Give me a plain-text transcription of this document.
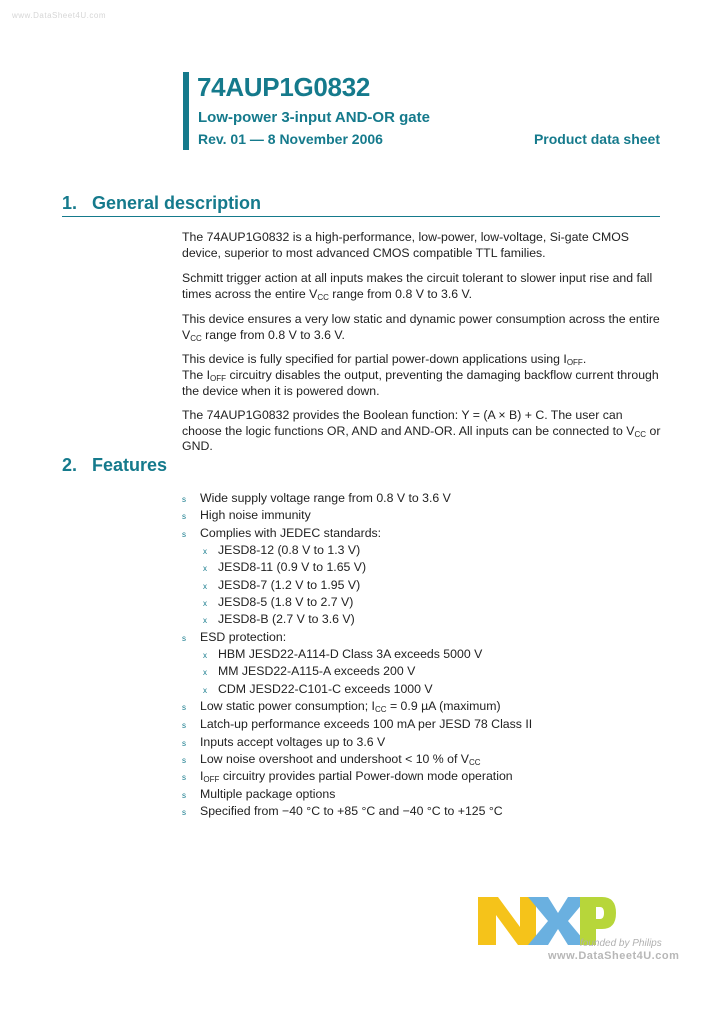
www.DataSheet4U.com
74AUP1G0832
Low-power 3-input AND-OR gate
Rev. 01 — 8 November 2006	Product data sheet
1. General description

The 74AUP1G0832 is a high-performance, low-power, low-voltage, Si-gate CMOS device, superior to most advanced CMOS compatible TTL families.

Schmitt trigger action at all inputs makes the circuit tolerant to slower input rise and fall times across the entire $V_{CC}$ range from 0.8 V to 3.6 V.

This device ensures a very low static and dynamic power consumption across the entire $V_{CC}$ range from 0.8 V to 3.6 V.

This device is fully specified for partial power-down applications using $I_{OFF}$.

The $I_{OFF}$ circuitry disables the output, preventing the damaging backflow current through the device when it is powered down.

The 74AUP1G0832 provides the Boolean function: Y = (A × B) + C. The user can choose the logic functions OR, AND and AND-OR. All inputs can be connected to $V_{CC}$ or GND.

2. Features
s Wide supply voltage range from 0.8 V to 3.6 V
s High noise immunity
s Complies with JEDEC standards:
x JESD8-12 (0.8 V to 1.3 V)
x JESD8-11 (0.9 V to 1.65 V)
x JESD8-7 (1.2 V to 1.95 V)
x JESD8-5 (1.8 V to 2.7 V)
x JESD8-B (2.7 V to 3.6 V)
s ESD protection:
x HBM JESD22-A114-D Class 3A exceeds 5000 V
x MM JESD22-A115-A exceeds 200 V
x CDM JESD22-C101-C exceeds 1000 V
s Low static power consumption; $I_{CC} = 0.9$ µA (maximum)
s Latch-up performance exceeds 100 mA per JESD 78 Class II
s Inputs accept voltages up to 3.6 V
s Low noise overshoot and undershoot < 10 % of $V_{CC}$
s $I_{OFF}$ circuitry provides partial Power-down mode operation
s Multiple package options
s Specified from −40 °C to +85 °C and −40 °C to +125 °C
founded by Philips
www.DataSheet4U.com
